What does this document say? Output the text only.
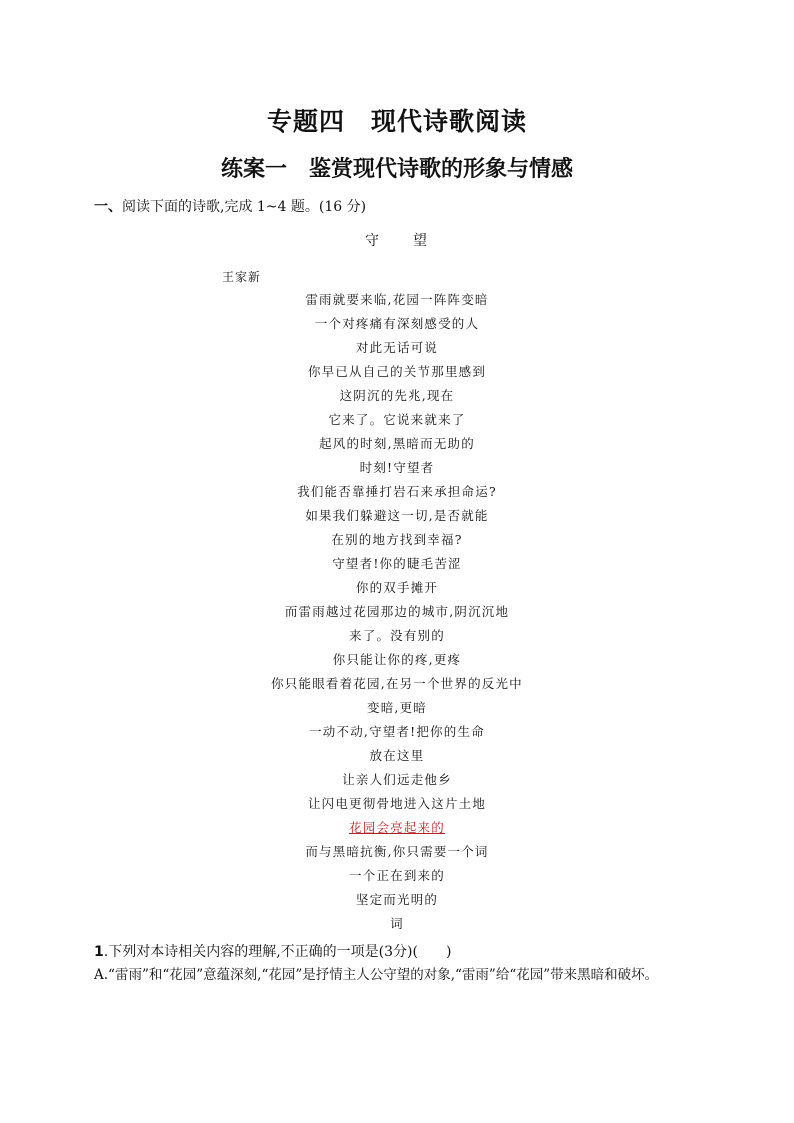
专题四　现代诗歌阅读
练案一　鉴赏现代诗歌的形象与情感

一、阅读下面的诗歌,完成 1~4 题。(16 分)

守　　望

王家新

雷雨就要来临,花园一阵阵变暗
一个对疼痛有深刻感受的人
对此无话可说
你早已从自己的关节那里感到
这阴沉的先兆,现在
它来了。它说来就来了
起风的时刻,黑暗而无助的
时刻!守望者
我们能否靠捶打岩石来承担命运?
如果我们躲避这一切,是否就能
在别的地方找到幸福?
守望者!你的睫毛苦涩
你的双手摊开
而雷雨越过花园那边的城市,阴沉沉地
来了。没有别的
你只能让你的疼,更疼
你只能眼看着花园,在另一个世界的反光中
变暗,更暗
一动不动,守望者!把你的生命
放在这里
让亲人们远走他乡
让闪电更彻骨地进入这片土地
花园会亮起来的
而与黑暗抗衡,你只需要一个词
一个正在到来的
坚定而光明的
词

1.下列对本诗相关内容的理解,不正确的一项是(3分)(　　)

A.“雷雨”和“花园”意蕴深刻,“花园”是抒情主人公守望的对象,“雷雨”给“花园”带来黑暗和破坏。
